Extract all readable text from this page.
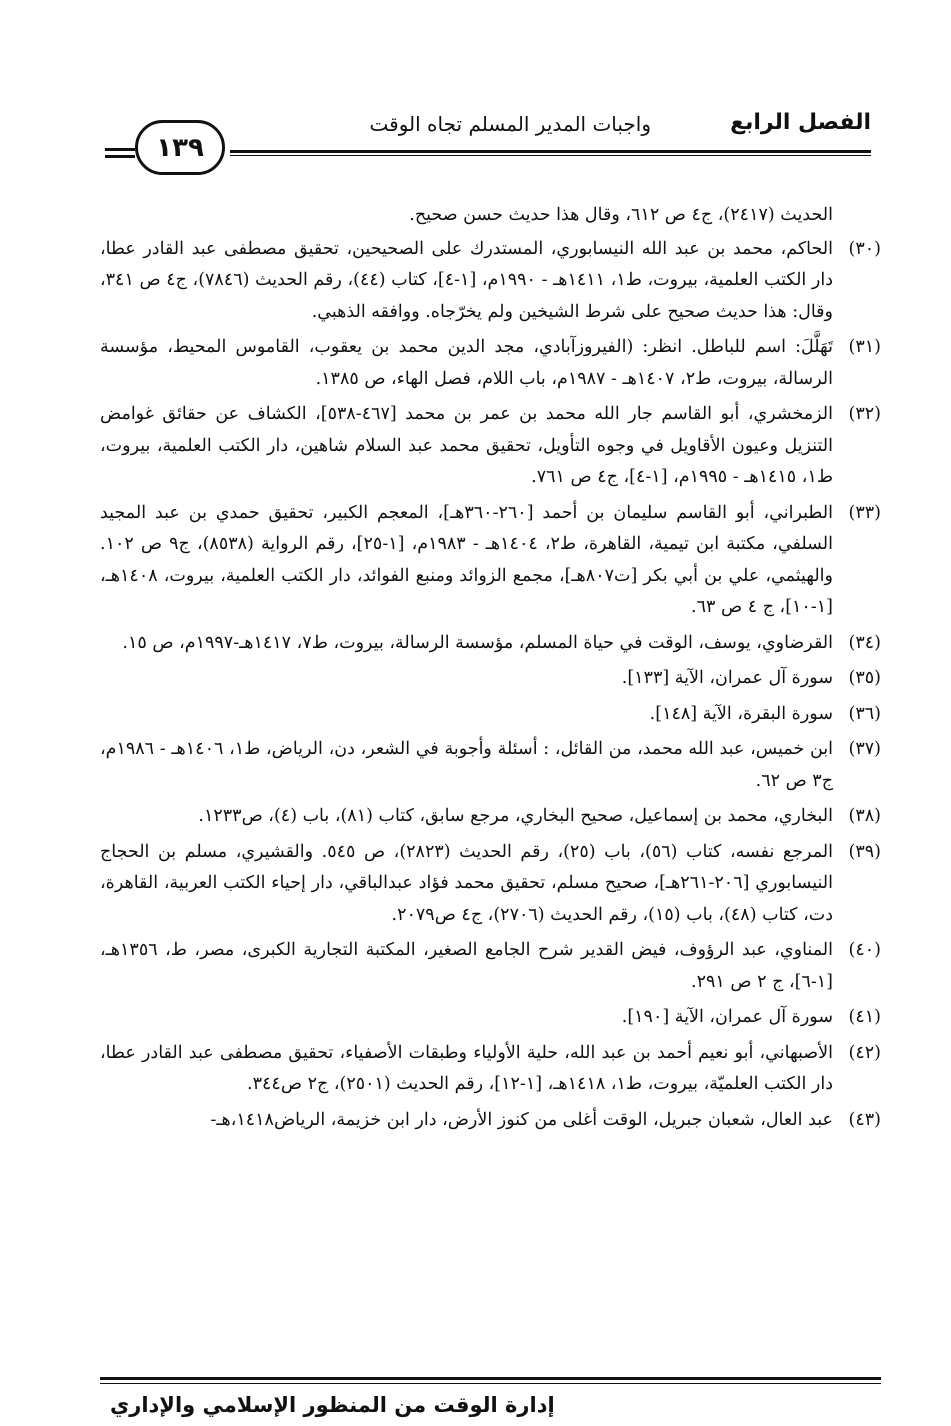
الفصل الرابع
واجبات المدير المسلم تجاه الوقت
١٣٩
الحديث (٢٤١٧)، ج٤ ص ٦١٢، وقال هذا حديث حسن صحيح.
(٣٠)
الحاكم، محمد بن عبد الله النيسابوري، المستدرك على الصحيحين، تحقيق مصطفى عبد القادر عطا، دار الكتب العلمية، بيروت، ط١، ١٤١١هـ - ١٩٩٠م، [١-٤]، كتاب (٤٤)، رقم الحديث (٧٨٤٦)، ج٤ ص ٣٤١، وقال: هذا حديث صحيح على شرط الشيخين ولم يخرّجاه. ووافقه الذهبي.
(٣١)
تَهَلَّلَ: اسم للباطل. انظر: (الفيروزآبادي، مجد الدين محمد بن يعقوب، القاموس المحيط، مؤسسة الرسالة، بيروت، ط٢، ١٤٠٧هـ - ١٩٨٧م، باب اللام، فصل الهاء، ص ١٣٨٥.
(٣٢)
الزمخشري، أبو القاسم جار الله محمد بن عمر بن محمد [٤٦٧-٥٣٨]، الكشاف عن حقائق غوامض التنزيل وعيون الأقاويل في وجوه التأويل، تحقيق محمد عبد السلام شاهين، دار الكتب العلمية، بيروت، ط١، ١٤١٥هـ - ١٩٩٥م، [١-٤]، ج٤ ص ٧٦١.
(٣٣)
الطبراني، أبو القاسم سليمان بن أحمد [٢٦٠-٣٦٠هـ]، المعجم الكبير، تحقيق حمدي بن عبد المجيد السلفي، مكتبة ابن تيمية، القاهرة، ط٢، ١٤٠٤هـ - ١٩٨٣م، [١-٢٥]، رقم الرواية (٨٥٣٨)، ج٩ ص ١٠٢. والهيثمي، علي بن أبي بكر [ت٨٠٧هـ]، مجمع الزوائد ومنبع الفوائد، دار الكتب العلمية، بيروت، ١٤٠٨هـ، [١-١٠]، ج ٤ ص ٦٣.
(٣٤)
القرضاوي، يوسف، الوقت في حياة المسلم، مؤسسة الرسالة، بيروت، ط٧، ١٤١٧هـ-١٩٩٧م، ص ١٥.
(٣٥)
سورة آل عمران، الآية [١٣٣].
(٣٦)
سورة البقرة، الآية [١٤٨].
(٣٧)
ابن خميس، عبد الله محمد، من القائل، : أسئلة وأجوبة في الشعر، دن، الرياض، ط١، ١٤٠٦هـ - ١٩٨٦م، ج٣ ص ٦٢.
(٣٨)
البخاري، محمد بن إسماعيل، صحيح البخاري، مرجع سابق، كتاب (٨١)، باب (٤)، ص١٢٣٣.
(٣٩)
المرجع نفسه، كتاب (٥٦)، باب (٢٥)، رقم الحديث (٢٨٢٣)، ص ٥٤٥. والقشيري، مسلم بن الحجاج النيسابوري [٢٠٦-٢٦١هـ]، صحيح مسلم، تحقيق محمد فؤاد عبدالباقي، دار إحياء الكتب العربية، القاهرة، دت، كتاب (٤٨)، باب (١٥)، رقم الحديث (٢٧٠٦)، ج٤ ص٢٠٧٩.
(٤٠)
المناوي، عبد الرؤوف، فيض القدير شرح الجامع الصغير، المكتبة التجارية الكبرى، مصر، ط، ١٣٥٦هـ، [١-٦]، ج ٢ ص ٢٩١.
(٤١)
سورة آل عمران، الآية [١٩٠].
(٤٢)
الأصبهاني، أبو نعيم أحمد بن عبد الله، حلية الأولياء وطبقات الأصفياء، تحقيق مصطفى عبد القادر عطا، دار الكتب العلميّة، بيروت، ط١، ١٤١٨هـ، [١-١٢]، رقم الحديث (٢٥٠١)، ج٢ ص٣٤٤.
(٤٣)
عبد العال، شعبان جبريل، الوقت أغلى من كنوز الأرض، دار ابن خزيمة، الرياض١٤١٨،هـ-
إدارة الوقت من المنظور الإسلامي والإداري
